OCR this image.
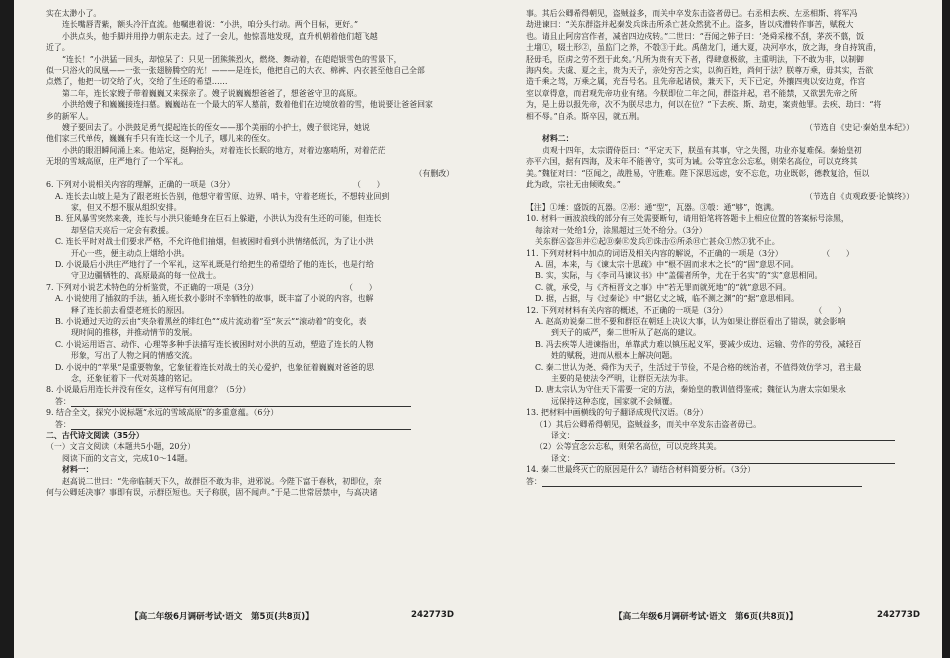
实在太渺小了。
连长嘴唇青紫，额头冷汗直流。他嘱患着说：“小洪，咱分头行动。两个目标，更好。”
小洪点头，他手脚并用挣力朝东走去。过了一会儿，他惊喜地发现，直升机朝着他们超飞越
近了。
“连长！”小洪猛一回头，却惊呆了：只见一团熊熊烈火，燃烧、舞动着，在皑皑银雪色的雪景下，
似一只浴火的凤凰——一张一张翅膀腾空的光！———是连长，他把自己的大衣、棉裤、内衣甚至他自己全部
点燃了，他把一切交给了火，交给了生还的希望……
第二年，连长家嫂子带着巍巍又来探亲了。嫂子说巍巍想爸爸了，想爸爸守卫的高原。
小洪给嫂子和巍巍接连扫墓。巍巍站在一个最大的军人墓前，数着他们在边境放着的雪，他说要让爸爸回家
乡的新军人。
嫂子要回去了。小洪鼓足勇气提起连长的侄女——那个美丽的小护士，嫂子很诧异，她说
他们家三代单传，巍巍有手只有连长这一个儿子，哪儿来的侄女。
小洪的眼泪瞬间涌上来。他站定，挺胸抬头，对着连长长眠的地方，对着边塞哨所，对着茫茫
无垠的雪域高原，庄严地行了一个军礼。
（有删改）
6. 下列对小说相关内容的理解，正确的一项是（3分）　　　　　　　　　　　　　　　　（　　）
A. 连长去山坡上是为了跟老班长告别，他想守着雪原、边界、哨卡，守着老班长，不想转业回到
家，但又不想不服从组织安排。
B. 狂风暴雪突然来袭，连长与小洪只能蜷身在巨石上躲避，小洪认为没有生还的可能，但连长
却坚信天亮后一定会有救援。
C. 连长平时对战士们要求严格，不允许他们抽烟，但被困时看到小洪情绪低沉，为了让小洪
开心一些，便主动点上烟给小洪。
D. 小说最后小洪庄严地行了一个军礼，这军礼既是行给把生的希望给了他的连长，也是行给
守卫边疆牺牲的、高原最高的每一位战士。
7. 下列对小说艺术特色的分析鉴赏，不正确的一项是（3分）　　　　　　　　　　　　（　　）
A. 小说使用了插叙的手法，插入班长救小影时不幸牺牲的故事，既丰富了小说的内容，也解
释了连长前去看望老班长的原因。
B. 小说通过天边的云由“夹杂着黑丝的绯红色”“成片流动着”至“灰云”“滚动着”的变化，表
现时间的推移，并推动情节的发展。
C. 小说运用语言、动作、心理等多种手法描写连长被困时对小洪的互动，塑造了连长的人物
形象，写出了人物之间的情感交流。
D. 小说中的“苹果”是重要物象，它象征着连长对战士的关心爱护，也象征着巍巍对爸爸的思
念，还象征着下一代对英雄的铭记。
8. 小说最后用连长并没有侄女，这样写有何用意？（5分）
答：
9. 结合全文，探究小说标题“永远的雪域高原”的多重意蕴。（6分）
答：
二、古代诗文阅读（35分）
（一）文言文阅读（本题共5小题，20分）
阅读下面的文言文，完成10～14题。
材料一：
赵高说二世曰：“先帝临制天下久，故群臣不敢为非，进邪说。今陛下富于春秋，初即位，奈
何与公卿廷决事？事即有误，示群臣短也。天子称朕，固不闻声。”于是二世常居禁中，与高决诸
事。其后公卿希得朝见，盗贼益多，而关中卒发东击盗者毋已。右丞相去疾、左丞相斯、将军冯
劫进谏曰：“关东群盗并起秦发兵诛击所杀亡甚众然犹不止。盗多，皆以戍漕转作事苦，赋税大
也。请且止阿房宫作者，减省四边戍转。”二世曰：“吾闻之韩子曰：‘尧舜采椽不刮，茅茨不翦，饭
土塯①，啜土形②，虽监门之养，不彀③于此。禹凿龙门，通大夏，决河亭水，放之海，身自持筑臿，
胫毋毛，臣虏之劳不烈于此矣。’凡所为贵有天下者，得肆意极欲，主重明法，下不敢为非，以制御
海内矣。夫虞、夏之主，贵为天子，亲处穷苦之实，以徇百姓，尚何于法？朕尊万乘，毋其实，吾欲
造千乘之驾，万乘之属，充吾号名。且先帝起诸侯，兼天下，天下已定，外攘四夷以安边竟，作宫
室以章得意，而君观先帝功业有绪。今朕即位二年之间，群盗并起，君不能禁，又欲罢先帝之所
为，是上毋以报先帝，次不为朕尽忠力，何以在位？”下去疾、斯、劫吏，案责他罪。去疾、劫曰：“将
相不辱。”自杀。斯卒囚，就五刑。
（节选自《史记·秦始皇本纪》）
材料二：
贞观十四年，太宗谓侍臣曰：“平定天下，朕虽有其事，守之失图，功业亦复难保。秦始皇初
亦平六国，据有四海，及末年不能善守，实可为诫。公等宜念公忘私，则荣名高位，可以克终其
美。”魏征对曰：“臣闻之，战胜易，守胜难。陛下深思远虑，安不忘危，功业既彰，德教复洽，恒以
此为政，宗社无由倾败矣。”
（节选自《贞观政要·论慎终》）
【注】①埵：盛饭的瓦器。②形：通“型”，瓦器。③彀：通“够”，饱满。
10. 材料一画波浪线的部分有三处需要断句，请用铅笔将答题卡上相应位置的答案标号涂黑，
每涂对一处给1分，涂黑超过三处不给分。（3分）
关东群Ⓐ盗Ⓑ并Ⓒ起Ⓓ秦Ⓔ发兵Ⓕ诛击Ⓖ所杀Ⓗ亡甚众Ⓘ然Ⓙ犹不止。
11. 下列对材料中加点的词语及相关内容的解说，不正确的一项是（3分）　　　　　　（　　）
A. 固，本来，与《谏太宗十思疏》中“根不固而求木之长”的“固”意思不同。
B. 实，实际，与《李司马谏议书》中“盖儒者所争，尤在于名实”的“实”意思相同。
C. 就，承受，与《齐桓晋文之事》中“若无罪而就死地”的“就”意思不同。
D. 据，占据，与《过秦论》中“据亿丈之城，临不测之渊”的“据”意思相同。
12. 下列对材料有关内容的概述，不正确的一项是（3分）　　　　　　　　　　　　（　　）
A. 赵高劝说秦二世不要和群臣在朝廷上决议大事，认为如果让群臣看出了错误，就会影响
到天子的威严，秦二世听从了赵高的建议。
B. 冯去疾等人进谏指出，单靠武力难以镇压起义军，要减少成边、运输、劳作的劳役，减轻百
姓的赋税，进而从根本上解决问题。
C. 秦二世认为尧、舜作为天子，生活过于节俭，不是合格的统治者，不值得效仿学习，君主最
主要的是使法令严明，让群臣无法为非。
D. 唐太宗认为守住天下需要一定的方法，秦始皇的教训值得鉴戒；魏征认为唐太宗如果永
远保持这种态度，国家就不会倾覆。
13. 把材料中画横线的句子翻译成现代汉语。（8分）
（1）其后公卿希得朝见，盗贼益多，而关中卒发东击盗者毋已。
译文：
（2）公等宜念公忘私，则荣名高位，可以克终其美。
译文：
14. 秦二世最终灭亡的原因是什么？请结合材料简要分析。（3分）
答：
【高二年级6月调研考试·语文　第5页(共8页)】	242773D	【高二年级6月调研考试·语文　第6页(共8页)】	242773D
